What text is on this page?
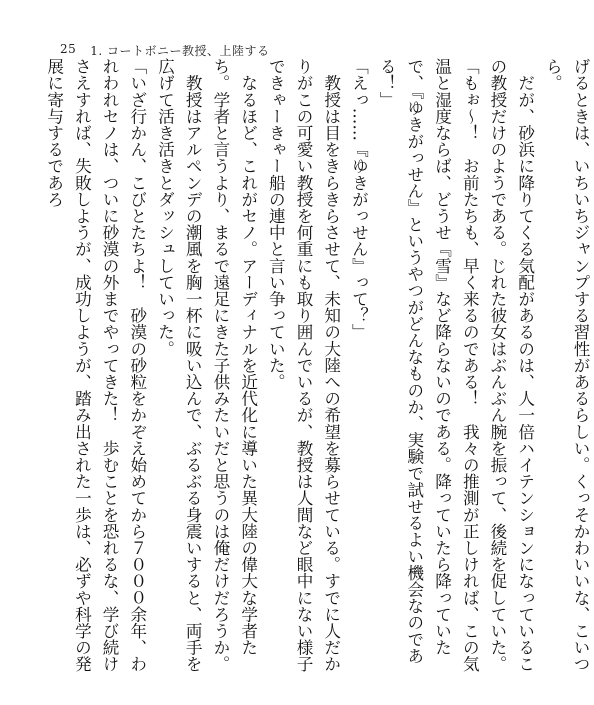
25 1. コートボニー教授、上陸する

げるときは、いちいちジャンプする習性があるらしい。くっそかわいいな、こいつら。

　だが、砂浜に降りてくる気配があるのは、人一倍ハイテンションになっているこの教授だけのようである。じれた彼女はぶんぶん腕を振って、後続を促していた。

「もぉ～！　お前たちも、早く来るのである！　我々の推測が正しければ、この気温と湿度ならば、どうせ『雪』など降らないのである。降っていたら降っていたで、『ゆきがっせん』というやつがどんなものか、実験で試せるよい機会なのである！」

「えっ……『ゆきがっせん』って？」

　教授は目をきらきらさせて、未知の大陸への希望を募らせている。すでに人だかりがこの可愛い教授を何重にも取り囲んでいるが、教授は人間など眼中にない様子できゃーきゃー船の連中と言い争っていた。

　なるほど、これがセノ。アーディナルを近代化に導いた異大陸の偉大な学者たち。学者と言うより、まるで遠足にきた子供みたいだと思うのは俺だけだろうか。

　教授はアルペンデの潮風を胸一杯に吸い込んで、ぶるぶる身震いすると、両手を広げて活き活きとダッシュしていった。

「いざ行かん、こびとたちよ！　砂漠の砂粒をかぞえ始めてから７０００余年、われわれセノは、ついに砂漠の外までやってきた！　歩むことを恐れるな、学び続けさえすれば、失敗しようが、成功しようが、踏み出された一歩は、必ずや科学の発展に寄与するであろ
